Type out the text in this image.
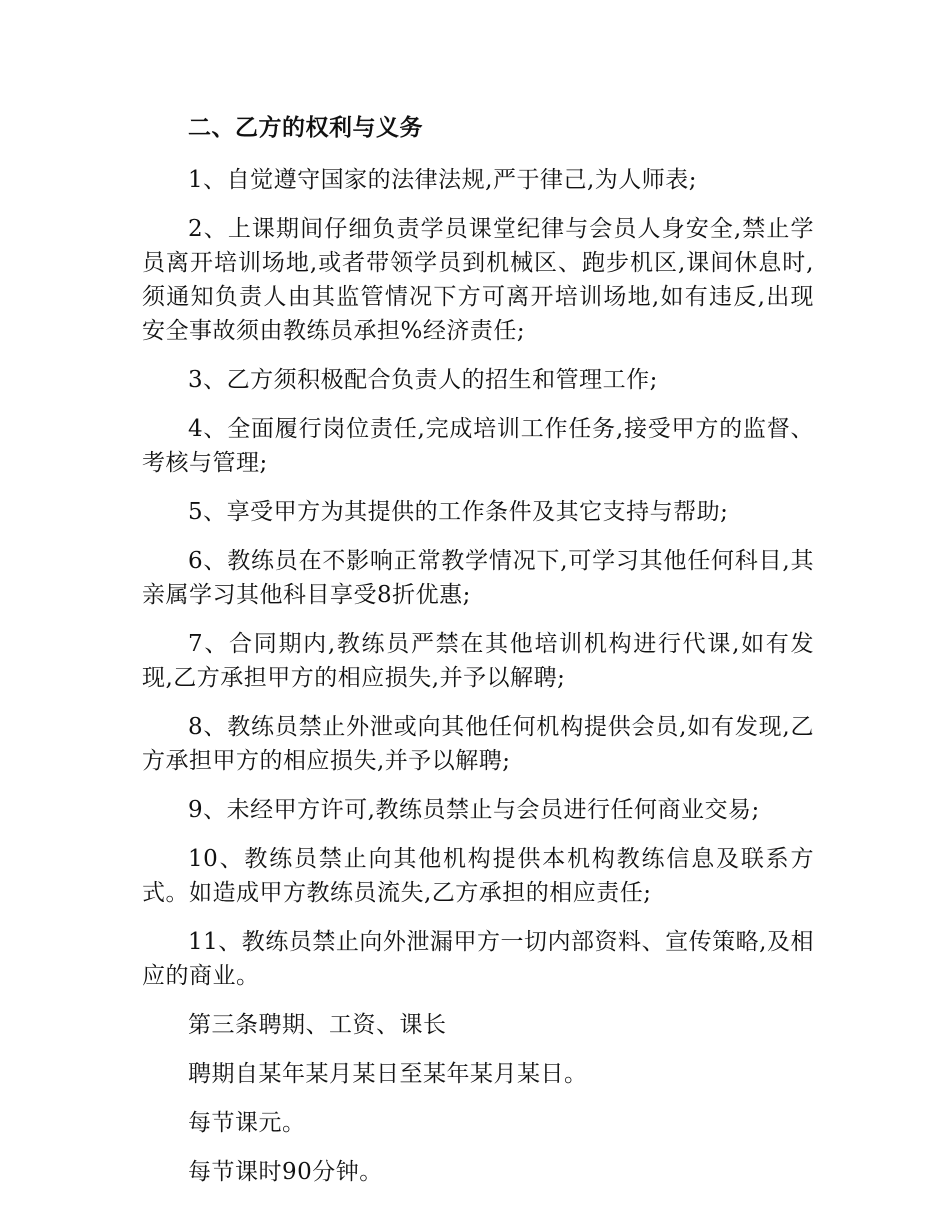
二、乙方的权利与义务

1、自觉遵守国家的法律法规,严于律己,为人师表;

2、上课期间仔细负责学员课堂纪律与会员人身安全,禁止学员离开培训场地,或者带领学员到机械区、跑步机区,课间休息时,须通知负责人由其监管情况下方可离开培训场地,如有违反,出现安全事故须由教练员承担%经济责任;

3、乙方须积极配合负责人的招生和管理工作;

4、全面履行岗位责任,完成培训工作任务,接受甲方的监督、考核与管理;

5、享受甲方为其提供的工作条件及其它支持与帮助;

6、教练员在不影响正常教学情况下,可学习其他任何科目,其亲属学习其他科目享受8折优惠;

7、合同期内,教练员严禁在其他培训机构进行代课,如有发现,乙方承担甲方的相应损失,并予以解聘;

8、教练员禁止外泄或向其他任何机构提供会员,如有发现,乙方承担甲方的相应损失,并予以解聘;

9、未经甲方许可,教练员禁止与会员进行任何商业交易;

10、教练员禁止向其他机构提供本机构教练信息及联系方式。如造成甲方教练员流失,乙方承担的相应责任;

11、教练员禁止向外泄漏甲方一切内部资料、宣传策略,及相应的商业。

第三条聘期、工资、课长

聘期自某年某月某日至某年某月某日。

每节课元。

每节课时90分钟。
